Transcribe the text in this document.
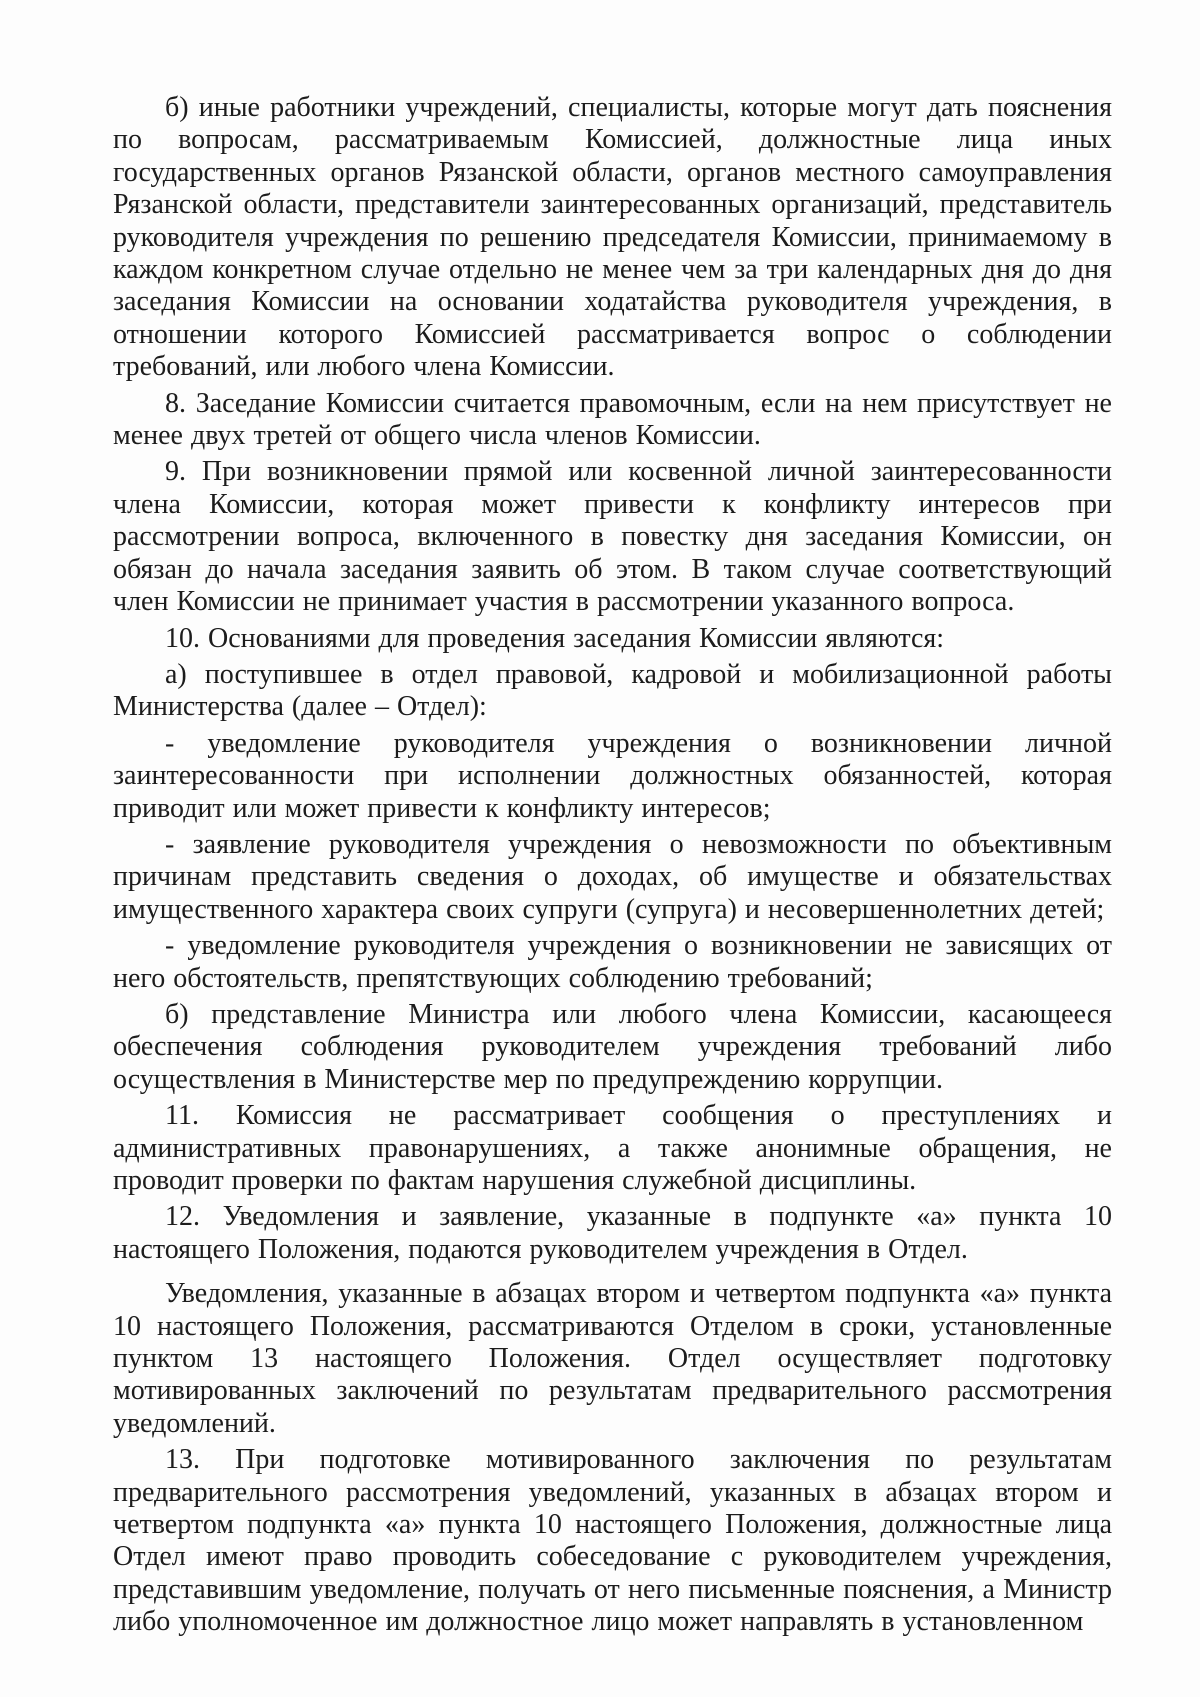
б) иные работники учреждений, специалисты, которые могут дать пояснения по вопросам, рассматриваемым Комиссией, должностные лица иных государственных органов Рязанской области, органов местного самоуправления Рязанской области, представители заинтересованных организаций, представитель руководителя учреждения по решению председателя Комиссии, принимаемому в каждом конкретном случае отдельно не менее чем за три календарных дня до дня заседания Комиссии на основании ходатайства руководителя учреждения, в отношении которого Комиссией рассматривается вопрос о соблюдении требований, или любого члена Комиссии.

8. Заседание Комиссии считается правомочным, если на нем присутствует не менее двух третей от общего числа членов Комиссии.

9. При возникновении прямой или косвенной личной заинтересованности члена Комиссии, которая может привести к конфликту интересов при рассмотрении вопроса, включенного в повестку дня заседания Комиссии, он обязан до начала заседания заявить об этом. В таком случае соответствующий член Комиссии не принимает участия в рассмотрении указанного вопроса.

10. Основаниями для проведения заседания Комиссии являются:

а) поступившее в отдел правовой, кадровой и мобилизационной работы Министерства (далее – Отдел):

- уведомление руководителя учреждения о возникновении личной заинтересованности при исполнении должностных обязанностей, которая приводит или может привести к конфликту интересов;

- заявление руководителя учреждения о невозможности по объективным причинам представить сведения о доходах, об имуществе и обязательствах имущественного характера своих супруги (супруга) и несовершеннолетних детей;

- уведомление руководителя учреждения о возникновении не зависящих от него обстоятельств, препятствующих соблюдению требований;

б) представление Министра или любого члена Комиссии, касающееся обеспечения соблюдения руководителем учреждения требований либо осуществления в Министерстве мер по предупреждению коррупции.

11. Комиссия не рассматривает сообщения о преступлениях и административных правонарушениях, а также анонимные обращения, не проводит проверки по фактам нарушения служебной дисциплины.

12. Уведомления и заявление, указанные в подпункте «а» пункта 10 настоящего Положения, подаются руководителем учреждения в Отдел.

Уведомления, указанные в абзацах втором и четвертом подпункта «а» пункта 10 настоящего Положения, рассматриваются Отделом в сроки, установленные пунктом 13 настоящего Положения. Отдел осуществляет подготовку мотивированных заключений по результатам предварительного рассмотрения уведомлений.

13. При подготовке мотивированного заключения по результатам предварительного рассмотрения уведомлений, указанных в абзацах втором и четвертом подпункта «а» пункта 10 настоящего Положения, должностные лица Отдел имеют право проводить собеседование с руководителем учреждения, представившим уведомление, получать от него письменные пояснения, а Министр либо уполномоченное им должностное лицо может направлять в установленном
